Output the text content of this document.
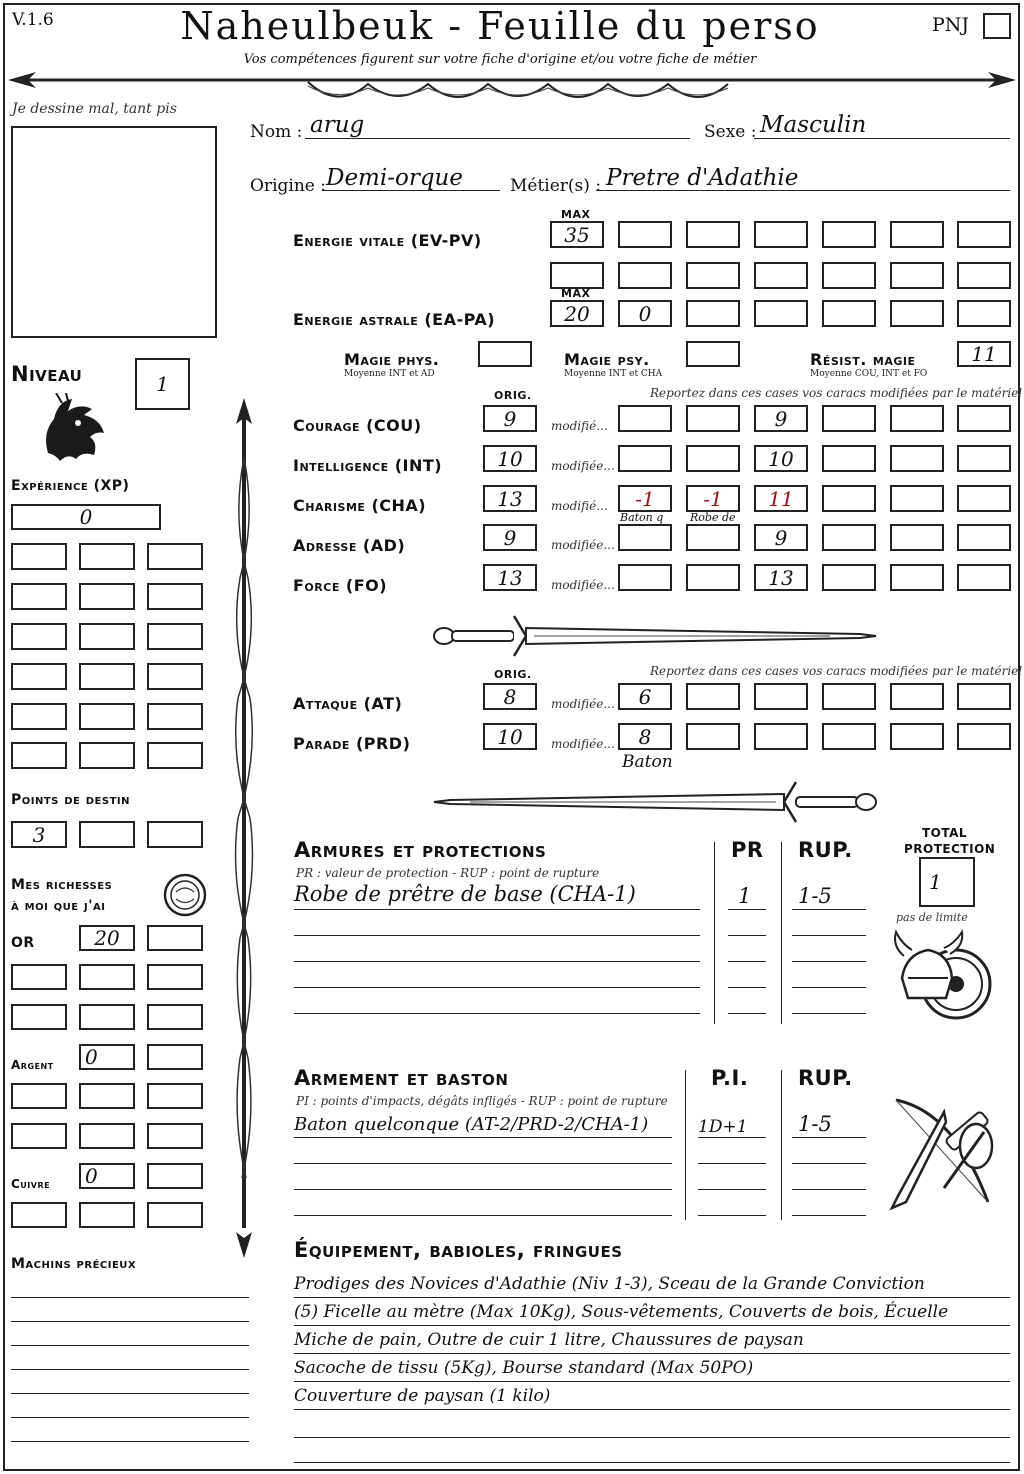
V.1.6	Naheulbeuk - Feuille du perso
Vos compétences figurent sur votre fiche d'origine et/ou votre fiche de métier
PNJ
Je dessine mal, tant pis
Nom : arug	Sexe : Masculin
Origine : Demi-orque	Métier(s) : Pretre d'Adathie
MAX
Energie vitale (EV-PV)	35
MAX
Energie astrale (EA-PA)	20	0
Magie phys.
Moyenne INT et AD
Magie psy.
Moyenne INT et CHA
Résist. magie
Moyenne COU, INT et FO
11
Niveau	1
Expérience (XP)
0
Points de destin
3
Mes richesses
à moi que j'ai
OR	20
Argent	0
Cuivre	0
Machins précieux
ORIG.	Reportez dans ces cases vos caracs modifiées par le matériel
Courage (COU)	9	modifié...	9
Intelligence (INT)	10	modifiée...	10
Charisme (CHA)	13	modifié...	-1	-1	11
Baton q Robe de
Adresse (AD)	9	modifiée...	9
Force (FO)	13	modifiée...	13
ORIG.	Reportez dans ces cases vos caracs modifiées par le matériel
Attaque (AT)	8	modifiée...	6
Parade (PRD)	10	modifiée...	8
Baton
Armures et protections
PR : valeur de protection - RUP : point de rupture
PR RUP.
Robe de prêtre de base (CHA-1)	1 1-5
TOTAL
PROTECTION
1
pas de limite
Armement et baston
PI : points d'impacts, dégâts infligés - RUP : point de rupture
P.I. RUP.
Baton quelconque (AT-2/PRD-2/CHA-1)	1D+1 1-5
Équipement, babioles, fringues
Prodiges des Novices d'Adathie (Niv 1-3), Sceau de la Grande Conviction
(5) Ficelle au mètre (Max 10Kg), Sous-vêtements, Couverts de bois, Écuelle
Miche de pain, Outre de cuir 1 litre, Chaussures de paysan
Sacoche de tissu (5Kg), Bourse standard (Max 50PO)
Couverture de paysan (1 kilo)
